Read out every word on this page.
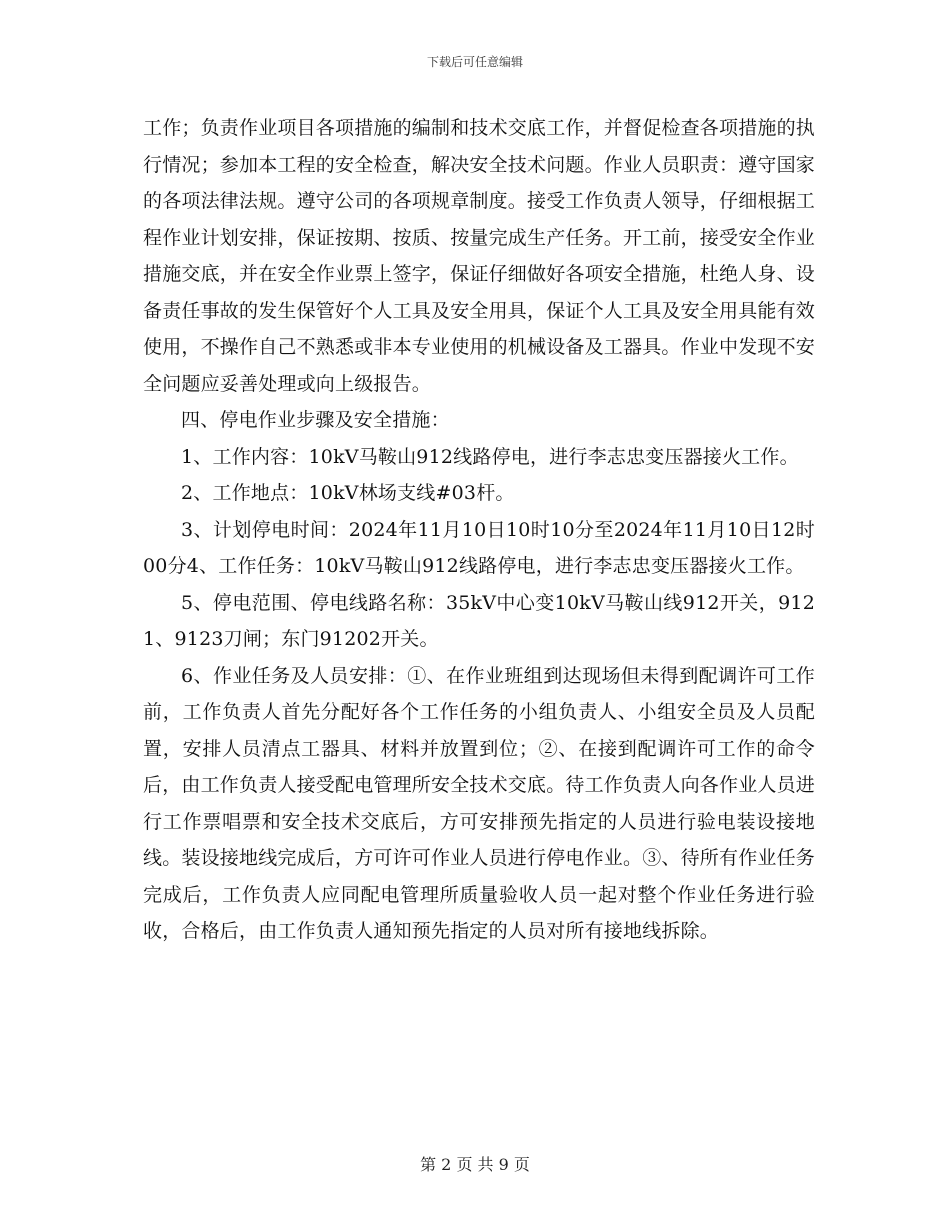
下载后可任意编辑

工作；负责作业项目各项措施的编制和技术交底工作，并督促检查各项措施的执行情况；参加本工程的安全检查，解决安全技术问题。作业人员职责：遵守国家的各项法律法规。遵守公司的各项规章制度。接受工作负责人领导，仔细根据工程作业计划安排，保证按期、按质、按量完成生产任务。开工前，接受安全作业措施交底，并在安全作业票上签字，保证仔细做好各项安全措施，杜绝人身、设备责任事故的发生保管好个人工具及安全用具，保证个人工具及安全用具能有效使用，不操作自己不熟悉或非本专业使用的机械设备及工器具。作业中发现不安全问题应妥善处理或向上级报告。

四、停电作业步骤及安全措施：

1、工作内容：10kV马鞍山912线路停电，进行李志忠变压器接火工作。

2、工作地点：10kV林场支线#03杆。

3、计划停电时间：2024年11月10日10时10分至2024年11月10日12时00分4、工作任务：10kV马鞍山912线路停电，进行李志忠变压器接火工作。

5、停电范围、停电线路名称：35kV中心变10kV马鞍山线912开关，9121、9123刀闸；东门91202开关。

6、作业任务及人员安排：①、在作业班组到达现场但未得到配调许可工作前，工作负责人首先分配好各个工作任务的小组负责人、小组安全员及人员配置，安排人员清点工器具、材料并放置到位；②、在接到配调许可工作的命令后，由工作负责人接受配电管理所安全技术交底。待工作负责人向各作业人员进行工作票唱票和安全技术交底后，方可安排预先指定的人员进行验电装设接地线。装设接地线完成后，方可许可作业人员进行停电作业。③、待所有作业任务完成后，工作负责人应同配电管理所质量验收人员一起对整个作业任务进行验收，合格后，由工作负责人通知预先指定的人员对所有接地线拆除。

第 2 页 共 9 页
